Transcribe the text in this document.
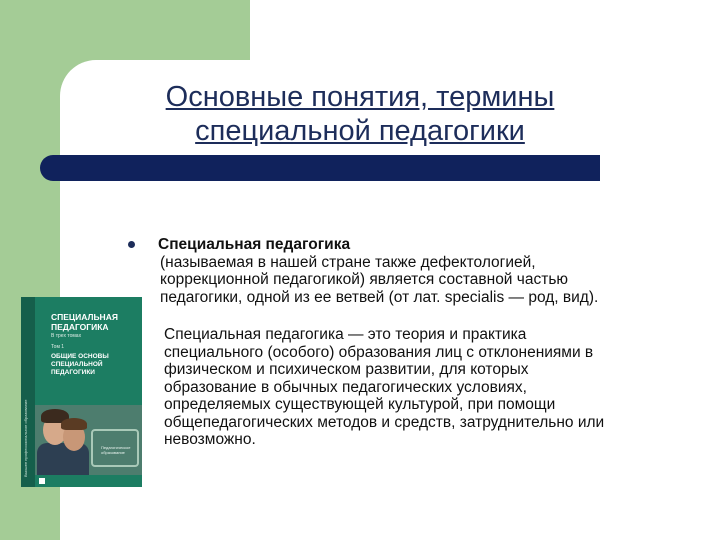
Основные понятия, термины
специальной педагогики

Специальная педагогика

(называемая в нашей стране также дефектологией, коррекционной педагогикой) является составной частью педагогики, одной из ее ветвей (от лат. specialis — род, вид).

Специальная педагогика — это теория и практика специального (особого) образования лиц с отклонениями в физическом и психическом развитии, для которых образование в обычных педагогических условиях, определяемых существующей культурой, при помощи общепедагогических методов и средств, затруднительно или невозможно.

Высшее профессиональное образование
СПЕЦИАЛЬНАЯ ПЕДАГОГИКА
В трех томах
Том 1
ОБЩИЕ ОСНОВЫ СПЕЦИАЛЬНОЙ ПЕДАГОГИКИ
Педагогическое образование
